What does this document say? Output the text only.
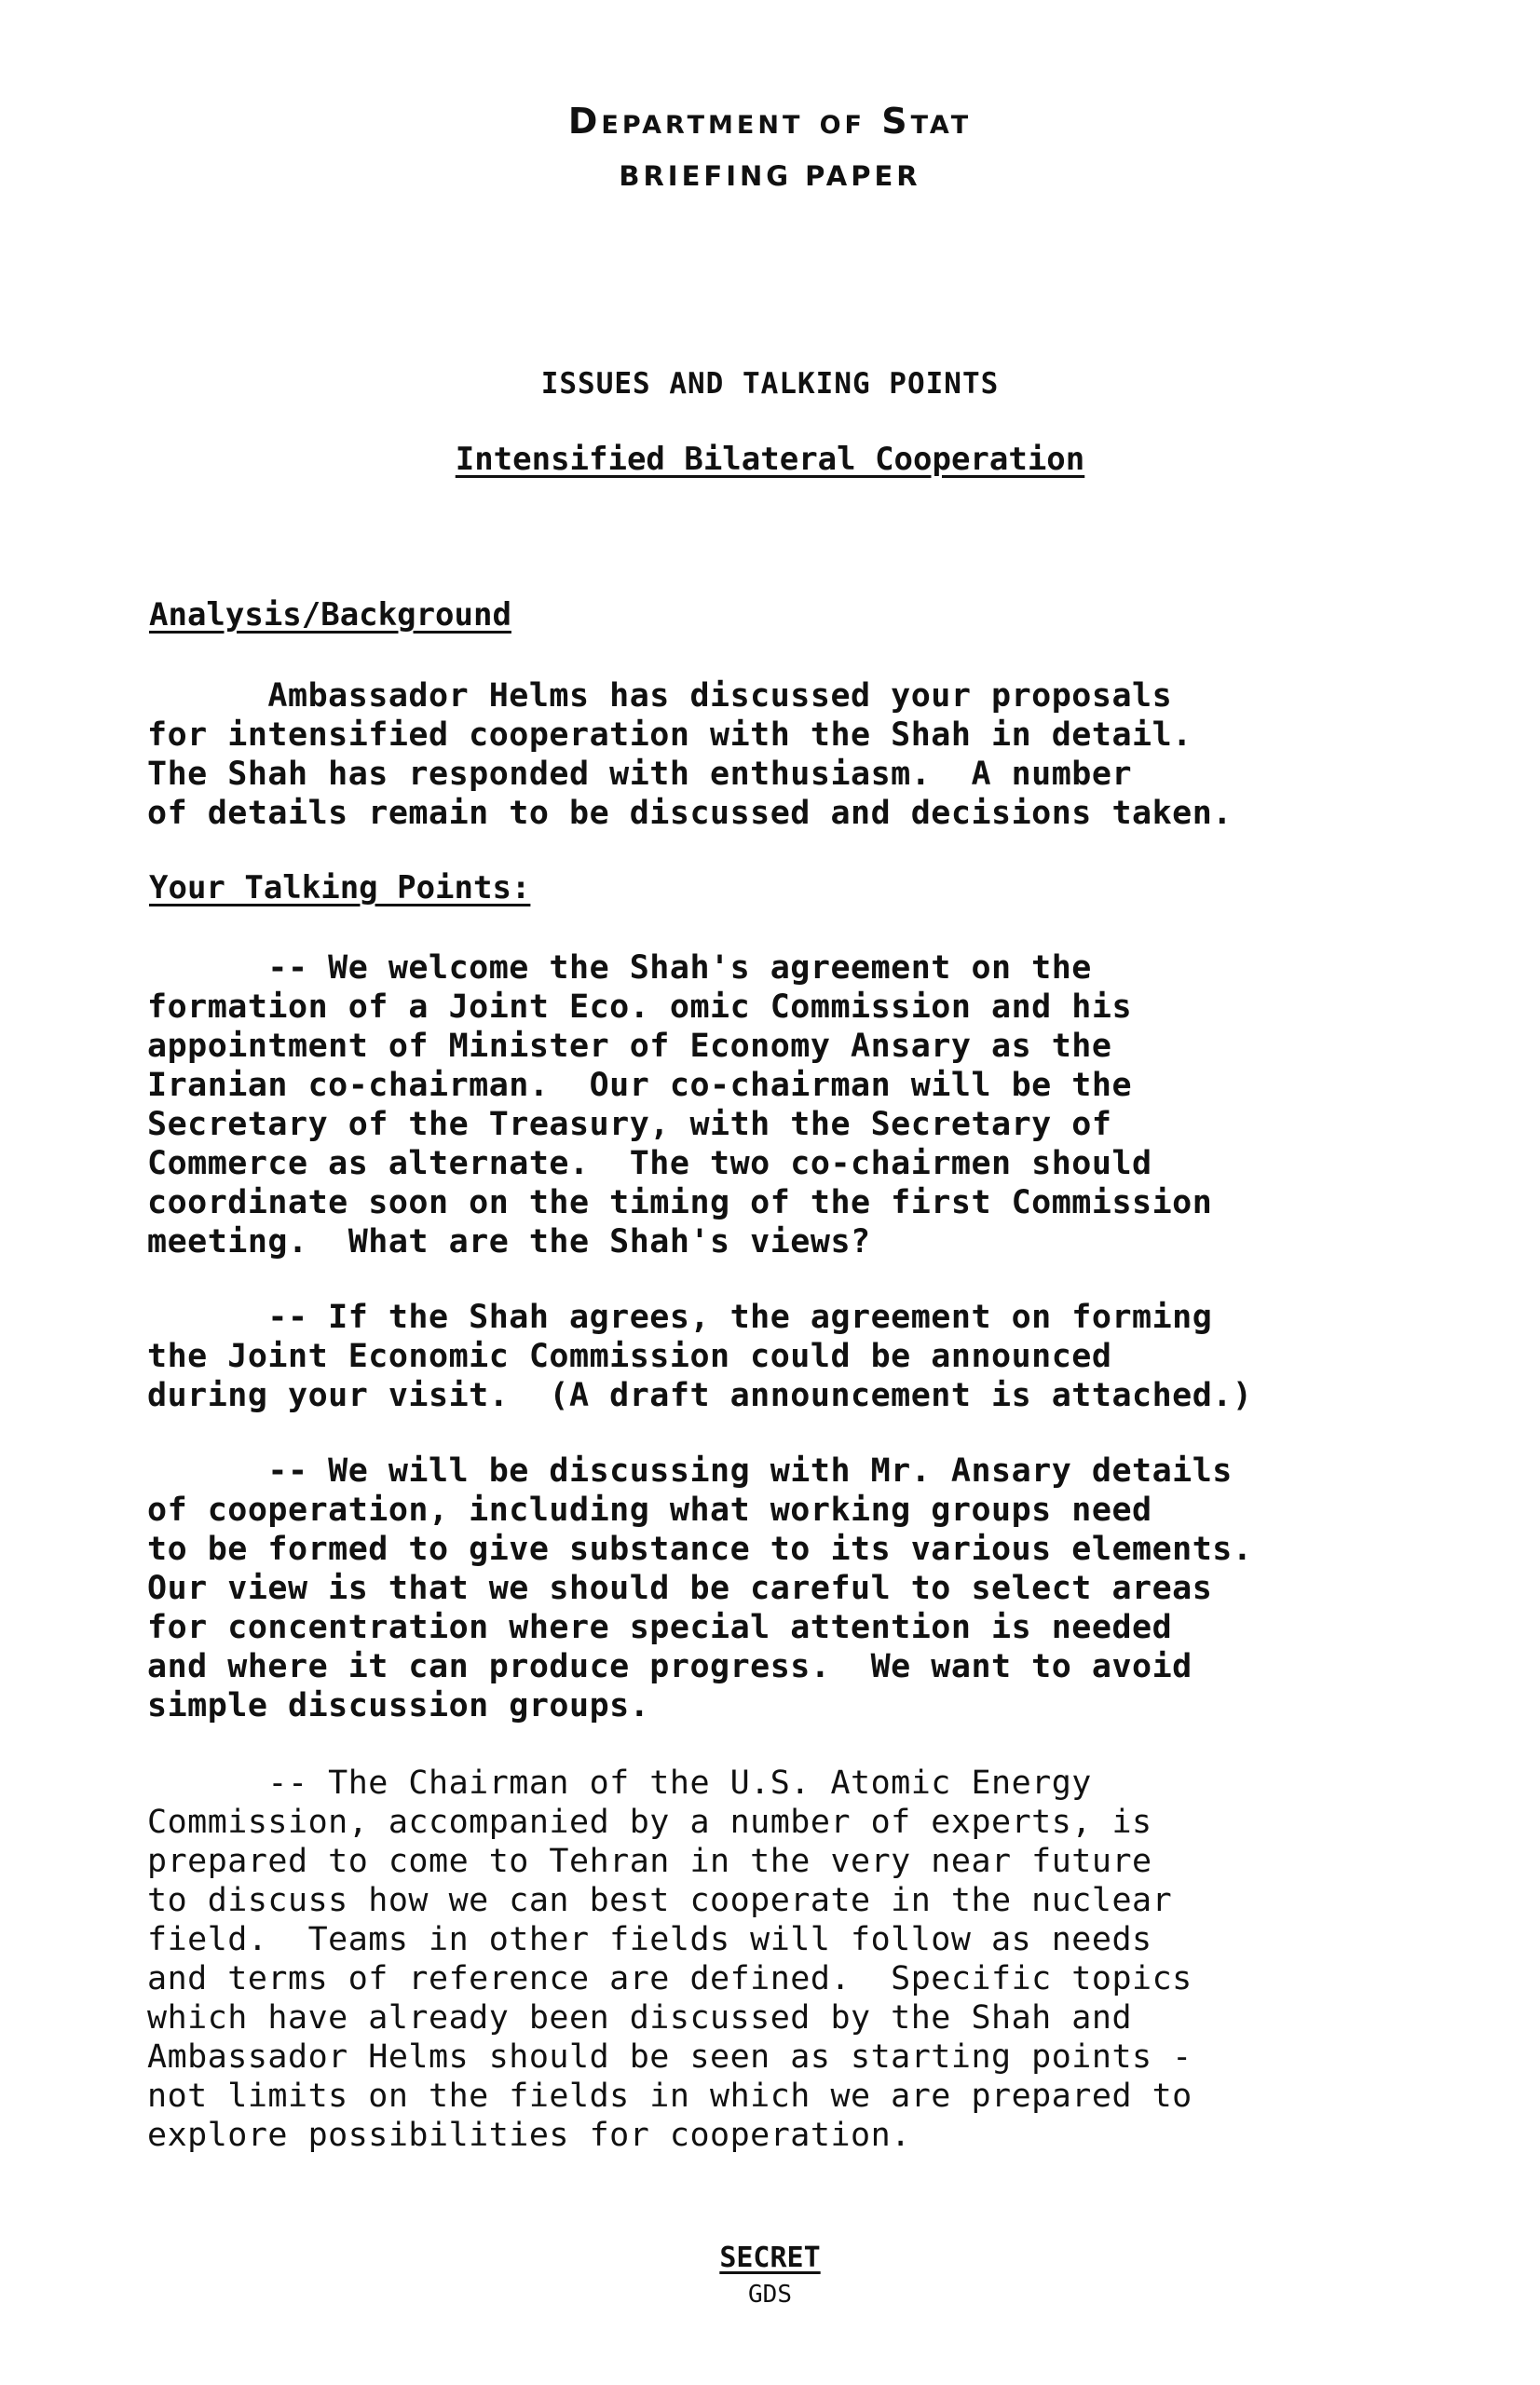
Department of Stat
BRIEFING PAPER
ISSUES AND TALKING POINTS
Intensified Bilateral Cooperation
Analysis/Background
Ambassador Helms has discussed your proposals
for intensified cooperation with the Shah in detail.
The Shah has responded with enthusiasm.  A number
of details remain to be discussed and decisions taken.
Your Talking Points:
-- We welcome the Shah's agreement on the
formation of a Joint Eco. omic Commission and his
appointment of Minister of Economy Ansary as the
Iranian co-chairman.  Our co-chairman will be the
Secretary of the Treasury, with the Secretary of
Commerce as alternate.  The two co-chairmen should
coordinate soon on the timing of the first Commission
meeting.  What are the Shah's views?
-- If the Shah agrees, the agreement on forming
the Joint Economic Commission could be announced
during your visit.  (A draft announcement is attached.)
-- We will be discussing with Mr. Ansary details
of cooperation, including what working groups need
to be formed to give substance to its various elements.
Our view is that we should be careful to select areas
for concentration where special attention is needed
and where it can produce progress.  We want to avoid
simple discussion groups.
-- The Chairman of the U.S. Atomic Energy
Commission, accompanied by a number of experts, is
prepared to come to Tehran in the very near future
to discuss how we can best cooperate in the nuclear
field.  Teams in other fields will follow as needs
and terms of reference are defined.  Specific topics
which have already been discussed by the Shah and
Ambassador Helms should be seen as starting points -
not limits on the fields in which we are prepared to
explore possibilities for cooperation.
SECRET
GDS
